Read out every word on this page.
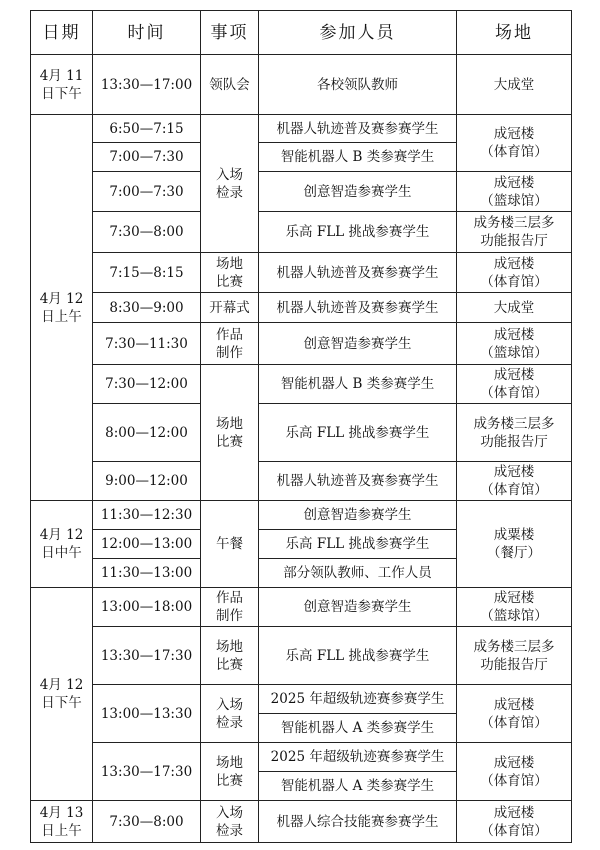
日期	时间	事项	参加人员	场地
4月 11
日下午	13:30—17:00	领队会	各校领队教师	大成堂
4月 12
日上午	6:50—7:15	入场
检录	机器人轨迹普及赛参赛学生	成冠楼
（体育馆）
	7:00—7:30		智能机器人 B 类参赛学生	
	7:00—7:30		创意智造参赛学生	成冠楼
（篮球馆）
	7:30—8:00		乐高 FLL 挑战参赛学生	成务楼三层多
功能报告厅
	7:15—8:15	场地
比赛	机器人轨迹普及赛参赛学生	成冠楼
（体育馆）
	8:30—9:00	开幕式	机器人轨迹普及赛参赛学生	大成堂
	7:30—11:30	作品
制作	创意智造参赛学生	成冠楼
（篮球馆）
	7:30—12:00	场地
比赛	智能机器人 B 类参赛学生	成冠楼
（体育馆）
	8:00—12:00		乐高 FLL 挑战参赛学生	成务楼三层多
功能报告厅
	9:00—12:00		机器人轨迹普及赛参赛学生	成冠楼
（体育馆）

4月 12
日中午	11:30—12:30	午餐	创意智造参赛学生	成粟楼
（餐厅）
	12:00—13:00		乐高 FLL 挑战参赛学生	
	11:30—13:00		部分领队教师、工作人员	
4月 12
日下午	13:00—18:00	作品
制作	创意智造参赛学生	成冠楼
（篮球馆）
	13:30—17:30	场地
比赛	乐高 FLL 挑战参赛学生	成务楼三层多
功能报告厅
	13:00—13:30	入场
检录	2025 年超级轨迹赛参赛学生	成冠楼
（体育馆）
			智能机器人 A 类参赛学生	
	13:30—17:30	场地
比赛	2025 年超级轨迹赛参赛学生	成冠楼
（体育馆）
			智能机器人 A 类参赛学生	
4月 13
日上午	7:30—8:00	入场
检录	机器人综合技能赛参赛学生	成冠楼
（体育馆）
